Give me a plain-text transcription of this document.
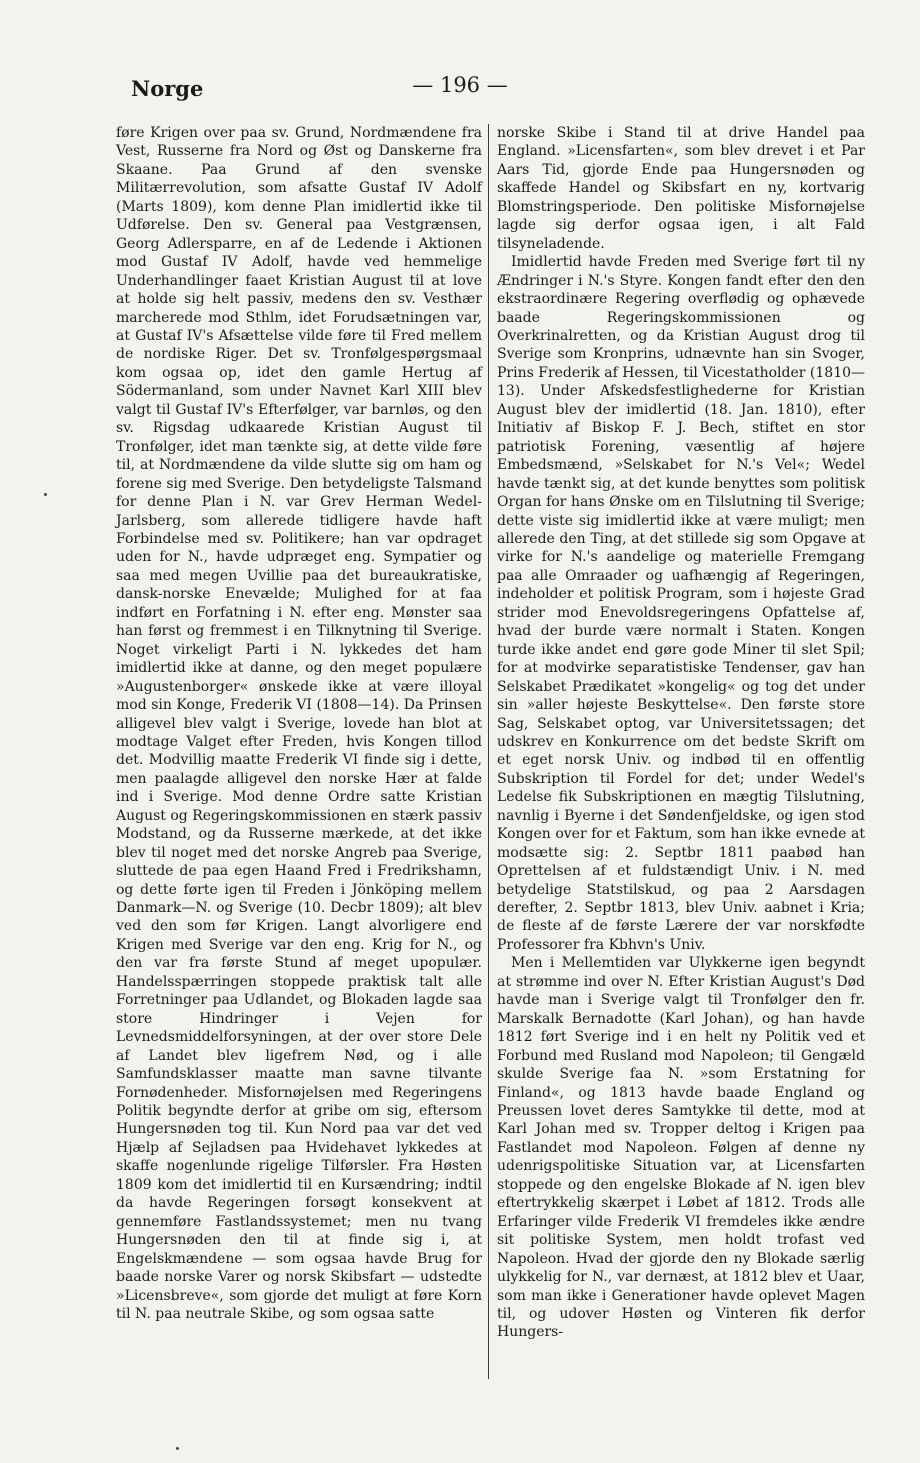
Norge	— 196 —

føre Krigen over paa sv. Grund, Nordmændene fra Vest, Russerne fra Nord og Øst og Danskerne fra Skaane. Paa Grund af den svenske Militærrevolution, som afsatte Gustaf IV Adolf (Marts 1809), kom denne Plan imidlertid ikke til Udførelse. Den sv. General paa Vestgrænsen, Georg Adlersparre, en af de Ledende i Aktionen mod Gustaf IV Adolf, havde ved hemmelige Underhandlinger faaet Kristian August til at love at holde sig helt passiv, medens den sv. Vesthær marcherede mod Sthlm, idet Forudsætningen var, at Gustaf IV's Afsættelse vilde føre til Fred mellem de nordiske Riger. Det sv. Tronfølgespørgsmaal kom ogsaa op, idet den gamle Hertug af Södermanland, som under Navnet Karl XIII blev valgt til Gustaf IV's Efterfølger, var barnløs, og den sv. Rigsdag udkaarede Kristian August til Tronfølger, idet man tænkte sig, at dette vilde føre til, at Nordmændene da vilde slutte sig om ham og forene sig med Sverige. Den betydeligste Talsmand for denne Plan i N. var Grev Herman Wedel-Jarlsberg, som allerede tidligere havde haft Forbindelse med sv. Politikere; han var opdraget uden for N., havde udpræget eng. Sympatier og saa med megen Uvillie paa det bureaukratiske, dansk-norske Enevælde; Mulighed for at faa indført en Forfatning i N. efter eng. Mønster saa han først og fremmest i en Tilknytning til Sverige. Noget virkeligt Parti i N. lykkedes det ham imidlertid ikke at danne, og den meget populære »Augustenborger« ønskede ikke at være illoyal mod sin Konge, Frederik VI (1808—14). Da Prinsen alligevel blev valgt i Sverige, lovede han blot at modtage Valget efter Freden, hvis Kongen tillod det. Modvillig maatte Frederik VI finde sig i dette, men paalagde alligevel den norske Hær at falde ind i Sverige. Mod denne Ordre satte Kristian August og Regeringskommissionen en stærk passiv Modstand, og da Russerne mærkede, at det ikke blev til noget med det norske Angreb paa Sverige, sluttede de paa egen Haand Fred i Fredrikshamn, og dette førte igen til Freden i Jönköping mellem Danmark—N. og Sverige (10. Decbr 1809); alt blev ved den som før Krigen. Langt alvorligere end Krigen med Sverige var den eng. Krig for N., og den var fra første Stund af meget upopulær. Handelsspærringen stoppede praktisk talt alle Forretninger paa Udlandet, og Blokaden lagde saa store Hindringer i Vejen for Levnedsmiddelforsyningen, at der over store Dele af Landet blev ligefrem Nød, og i alle Samfundsklasser maatte man savne tilvante Fornødenheder. Misfornøjelsen med Regeringens Politik begyndte derfor at gribe om sig, eftersom Hungersnøden tog til. Kun Nord paa var det ved Hjælp af Sejladsen paa Hvidehavet lykkedes at skaffe nogenlunde rigelige Tilførsler. Fra Høsten 1809 kom det imidlertid til en Kursændring; indtil da havde Regeringen forsøgt konsekvent at gennemføre Fastlandssystemet; men nu tvang Hungersnøden den til at finde sig i, at Engelskmændene — som ogsaa havde Brug for baade norske Varer og norsk Skibsfart — udstedte »Licensbreve«, som gjorde det muligt at føre Korn til N. paa neutrale Skibe, og som ogsaa satte

norske Skibe i Stand til at drive Handel paa England. »Licensfarten«, som blev drevet i et Par Aars Tid, gjorde Ende paa Hungersnøden og skaffede Handel og Skibsfart en ny, kortvarig Blomstringsperiode. Den politiske Misfornøjelse lagde sig derfor ogsaa igen, i alt Fald tilsyneladende.

Imidlertid havde Freden med Sverige ført til ny Ændringer i N.'s Styre. Kongen fandt efter den den ekstraordinære Regering overflødig og ophævede baade Regeringskommissionen og Overkrinalretten, og da Kristian August drog til Sverige som Kronprins, udnævnte han sin Svoger, Prins Frederik af Hessen, til Vicestatholder (1810—13). Under Afskedsfestlighederne for Kristian August blev der imidlertid (18. Jan. 1810), efter Initiativ af Biskop F. J. Bech, stiftet en stor patriotisk Forening, væsentlig af højere Embedsmænd, »Selskabet for N.'s Vel«; Wedel havde tænkt sig, at det kunde benyttes som politisk Organ for hans Ønske om en Tilslutning til Sverige; dette viste sig imidlertid ikke at være muligt; men allerede den Ting, at det stillede sig som Opgave at virke for N.'s aandelige og materielle Fremgang paa alle Omraader og uafhængig af Regeringen, indeholder et politisk Program, som i højeste Grad strider mod Enevoldsregeringens Opfattelse af, hvad der burde være normalt i Staten. Kongen turde ikke andet end gøre gode Miner til slet Spil; for at modvirke separatistiske Tendenser, gav han Selskabet Prædikatet »kongelig« og tog det under sin »aller højeste Beskyttelse«. Den første store Sag, Selskabet optog, var Universitetssagen; det udskrev en Konkurrence om det bedste Skrift om et eget norsk Univ. og indbød til en offentlig Subskription til Fordel for det; under Wedel's Ledelse fik Subskriptionen en mægtig Tilslutning, navnlig i Byerne i det Søndenfjeldske, og igen stod Kongen over for et Faktum, som han ikke evnede at modsætte sig: 2. Septbr 1811 paabød han Oprettelsen af et fuldstændigt Univ. i N. med betydelige Statstilskud, og paa 2 Aarsdagen derefter, 2. Septbr 1813, blev Univ. aabnet i Kria; de fleste af de første Lærere der var norskfødte Professorer fra Kbhvn's Univ.

Men i Mellemtiden var Ulykkerne igen begyndt at strømme ind over N. Efter Kristian August's Død havde man i Sverige valgt til Tronfølger den fr. Marskalk Bernadotte (Karl Johan), og han havde 1812 ført Sverige ind i en helt ny Politik ved et Forbund med Rusland mod Napoleon; til Gengæld skulde Sverige faa N. »som Erstatning for Finland«, og 1813 havde baade England og Preussen lovet deres Samtykke til dette, mod at Karl Johan med sv. Tropper deltog i Krigen paa Fastlandet mod Napoleon. Følgen af denne ny udenrigspolitiske Situation var, at Licensfarten stoppede og den engelske Blokade af N. igen blev eftertrykkelig skærpet i Løbet af 1812. Trods alle Erfaringer vilde Frederik VI fremdeles ikke ændre sit politiske System, men holdt trofast ved Napoleon. Hvad der gjorde den ny Blokade særlig ulykkelig for N., var dernæst, at 1812 blev et Uaar, som man ikke i Generationer havde oplevet Magen til, og udover Høsten og Vinteren fik derfor Hungers-
